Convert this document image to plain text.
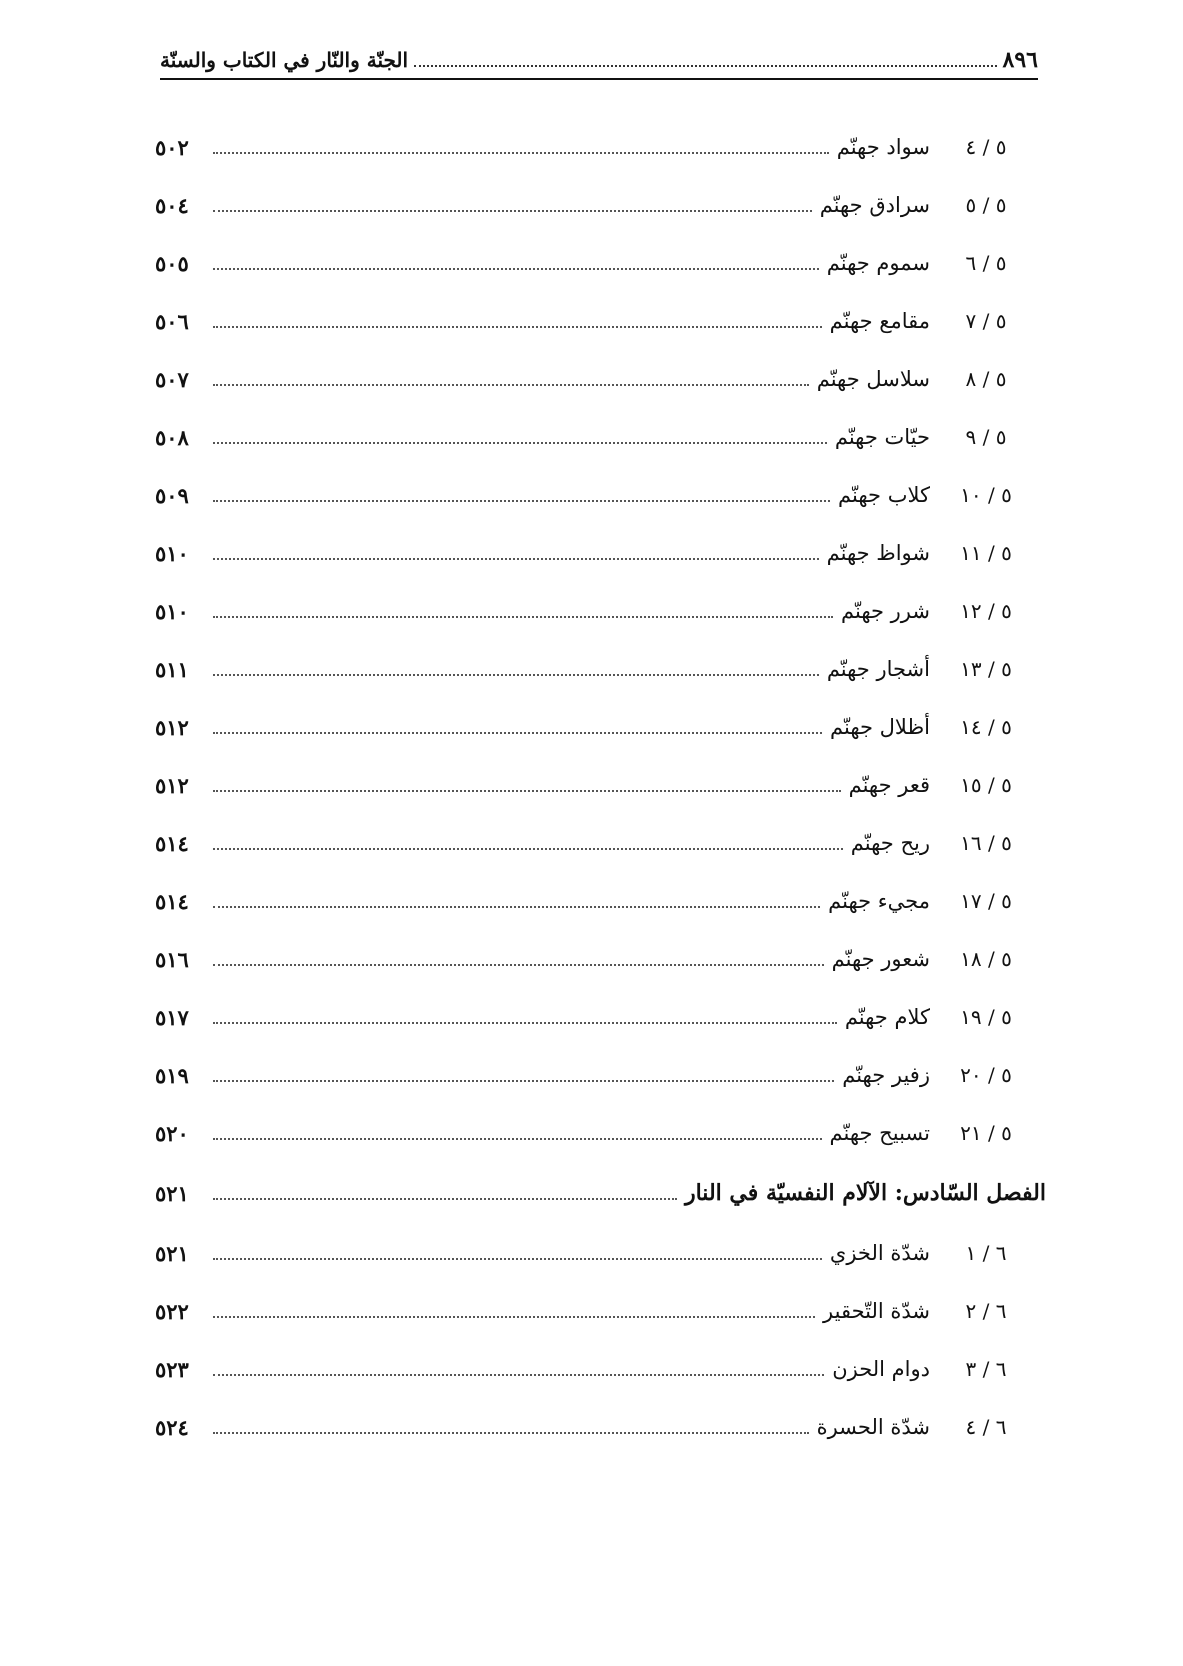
٨٩٦
الجنّة والنّار في الكتاب والسنّة
٥ / ٤
سواد جهنّم
٥٠٢
٥ / ٥
سرادق جهنّم
٥٠٤
٥ / ٦
سموم جهنّم
٥٠٥
٥ / ٧
مقامع جهنّم
٥٠٦
٥ / ٨
سلاسل جهنّم
٥٠٧
٥ / ٩
حيّات جهنّم
٥٠٨
٥ / ١٠
كلاب جهنّم
٥٠٩
٥ / ١١
شواظ جهنّم
٥١٠
٥ / ١٢
شرر جهنّم
٥١٠
٥ / ١٣
أشجار جهنّم
٥١١
٥ / ١٤
أظلال جهنّم
٥١٢
٥ / ١٥
قعر جهنّم
٥١٢
٥ / ١٦
ريح جهنّم
٥١٤
٥ / ١٧
مجيء جهنّم
٥١٤
٥ / ١٨
شعور جهنّم
٥١٦
٥ / ١٩
كلام جهنّم
٥١٧
٥ / ٢٠
زفير جهنّم
٥١٩
٥ / ٢١
تسبيح جهنّم
٥٢٠
الفصل السّادس: الآلام النفسيّة في النار
٥٢١
٦ / ١
شدّة الخزي
٥٢١
٦ / ٢
شدّة التّحقير
٥٢٢
٦ / ٣
دوام الحزن
٥٢٣
٦ / ٤
شدّة الحسرة
٥٢٤
